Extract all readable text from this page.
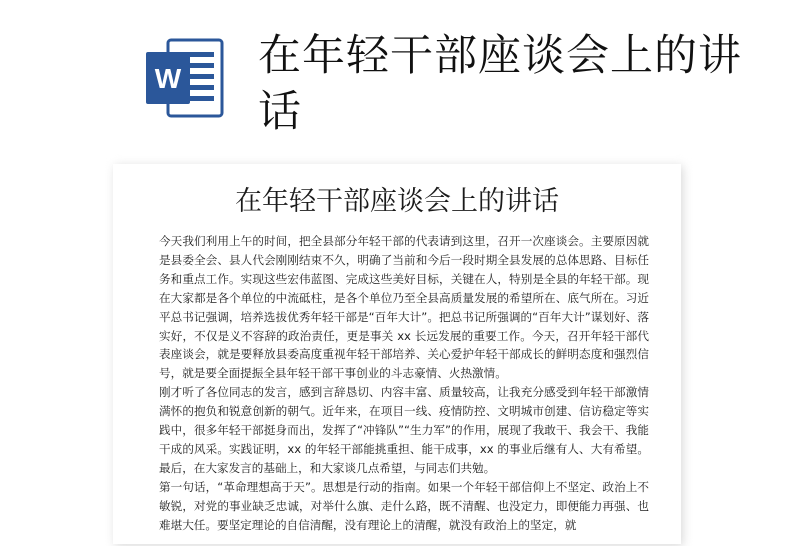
W 在年轻干部座谈会上的讲话
在年轻干部座谈会上的讲话

今天我们利用上午的时间，把全县部分年轻干部的代表请到这里，召开一次座谈会。主要原因就是县委全会、县人代会刚刚结束不久，明确了当前和今后一段时期全县发展的总体思路、目标任务和重点工作。实现这些宏伟蓝图、完成这些美好目标，关键在人，特别是全县的年轻干部。现在大家都是各个单位的中流砥柱，是各个单位乃至全县高质量发展的希望所在、底气所在。习近平总书记强调，培养选拔优秀年轻干部是“百年大计”。把总书记所强调的“百年大计”谋划好、落实好，不仅是义不容辞的政治责任，更是事关 xx 长远发展的重要工作。今天，召开年轻干部代表座谈会，就是要释放县委高度重视年轻干部培养、关心爱护年轻干部成长的鲜明态度和强烈信号，就是要全面提振全县年轻干部干事创业的斗志豪情、火热激情。

刚才听了各位同志的发言，感到言辞恳切、内容丰富、质量较高，让我充分感受到年轻干部激情满怀的抱负和锐意创新的朝气。近年来，在项目一线、疫情防控、文明城市创建、信访稳定等实践中，很多年轻干部挺身而出，发挥了“冲锋队”“生力军”的作用，展现了我敢干、我会干、我能干成的风采。实践证明，xx 的年轻干部能挑重担、能干成事，xx 的事业后继有人、大有希望。最后，在大家发言的基础上，和大家谈几点希望，与同志们共勉。

第一句话，“革命理想高于天”。思想是行动的指南。如果一个年轻干部信仰上不坚定、政治上不敏锐，对党的事业缺乏忠诚，对举什么旗、走什么路，既不清醒、也没定力，即便能力再强、也难堪大任。要坚定理论的自信清醒，没有理论上的清醒，就没有政治上的坚定，就
